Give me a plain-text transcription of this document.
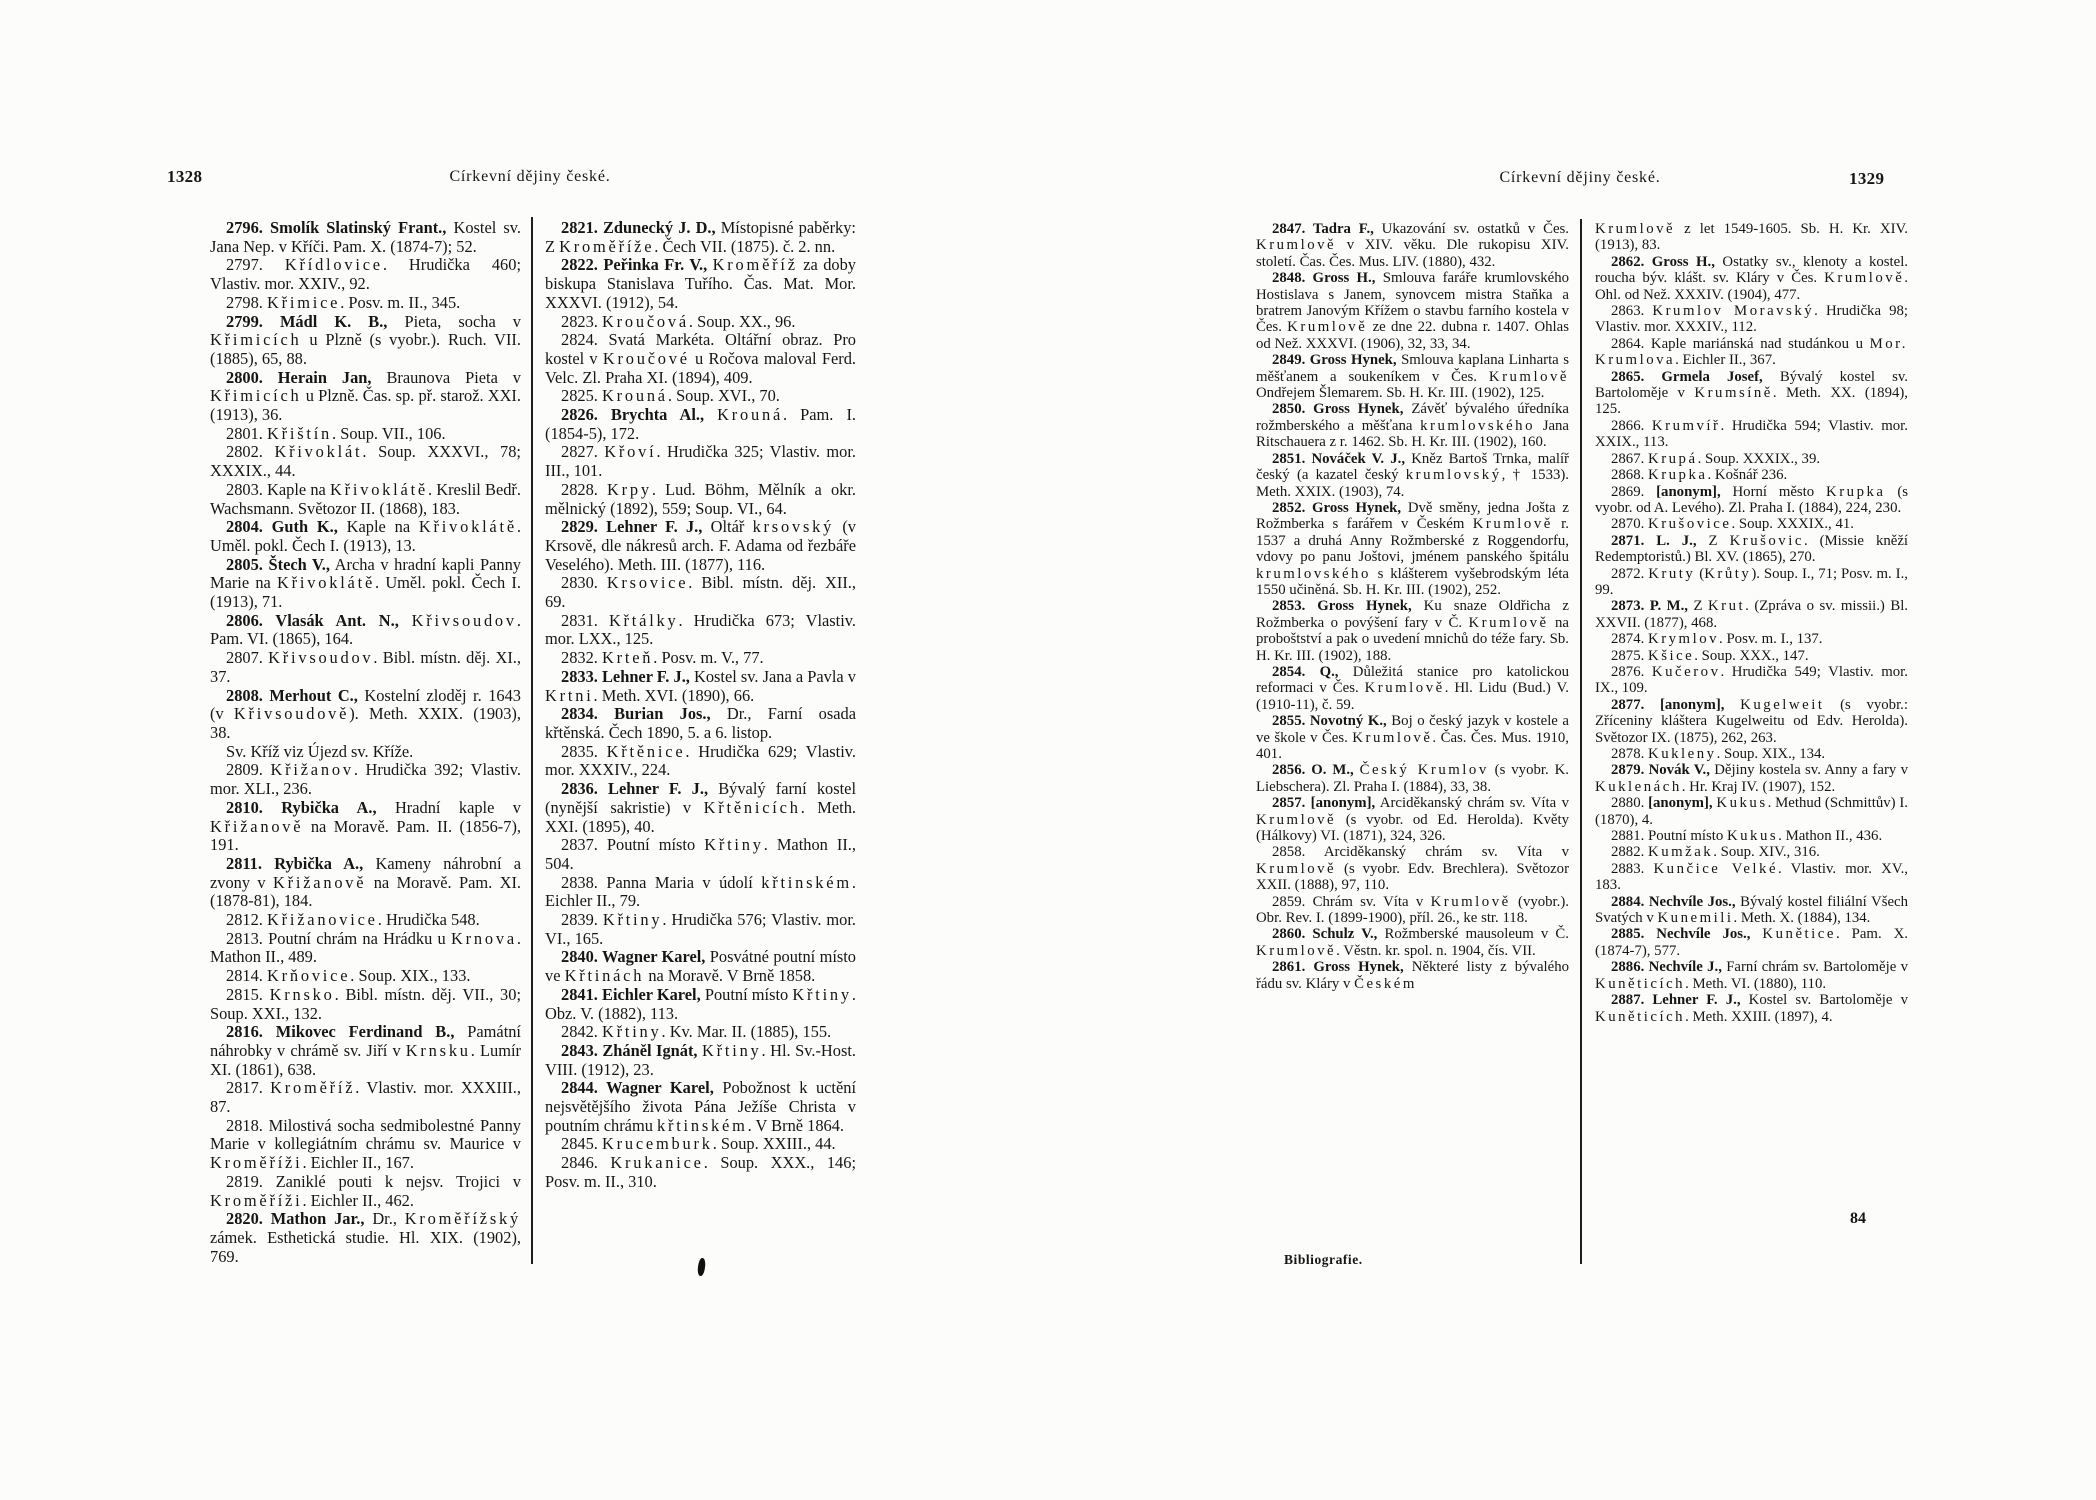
1328	Církevní dějiny české.

2796. Smolík Slatinský Frant., Kostel sv. Jana Nep. v Kříči. Pam. X. (1874-7); 52.

2797. Křídlovice. Hrudička 460; Vlastiv. mor. XXIV., 92.

2798. Křimice. Posv. m. II., 345.

2799. Mádl K. B., Pieta, socha v Křimicích u Plzně (s vyobr.). Ruch. VII. (1885), 65, 88.

2800. Herain Jan, Braunova Pieta v Křimicích u Plzně. Čas. sp. př. starož. XXI. (1913), 36.

2801. Křištín. Soup. VII., 106.

2802. Křivoklát. Soup. XXXVI., 78; XXXIX., 44.

2803. Kaple na Křivoklátě. Kreslil Bedř. Wachsmann. Světozor II. (1868), 183.

2804. Guth K., Kaple na Křivoklátě. Uměl. pokl. Čech I. (1913), 13.

2805. Štech V., Archa v hradní kapli Panny Marie na Křivoklátě. Uměl. pokl. Čech I. (1913), 71.

2806. Vlasák Ant. N., Křivsoudov. Pam. VI. (1865), 164.

2807. Křivsoudov. Bibl. místn. děj. XI., 37.

2808. Merhout C., Kostelní zloděj r. 1643 (v Křivsoudově). Meth. XXIX. (1903), 38.

Sv. Kříž viz Újezd sv. Kříže.

2809. Křižanov. Hrudička 392; Vlastiv. mor. XLI., 236.

2810. Rybička A., Hradní kaple v Křižanově na Moravě. Pam. II. (1856-7), 191.

2811. Rybička A., Kameny náhrobní a zvony v Křižanově na Moravě. Pam. XI. (1878-81), 184.

2812. Křižanovice. Hrudička 548.

2813. Poutní chrám na Hrádku u Krnova. Mathon II., 489.

2814. Krňovice. Soup. XIX., 133.

2815. Krnsko. Bibl. místn. děj. VII., 30; Soup. XXI., 132.

2816. Mikovec Ferdinand B., Památní náhrobky v chrámě sv. Jiří v Krnsku. Lumír XI. (1861), 638.

2817. Kroměříž. Vlastiv. mor. XXXIII., 87.

2818. Milostivá socha sedmibolestné Panny Marie v kollegiátním chrámu sv. Maurice v Kroměříži. Eichler II., 167.

2819. Zaniklé pouti k nejsv. Trojici v Kroměříži. Eichler II., 462.

2820. Mathon Jar., Dr., Kroměřížský zámek. Esthetická studie. Hl. XIX. (1902), 769.

2821. Zdunecký J. D., Místopisné paběrky: Z Kroměříže. Čech VII. (1875). č. 2. nn.

2822. Peřinka Fr. V., Kroměříž za doby biskupa Stanislava Tuřího. Čas. Mat. Mor. XXXVI. (1912), 54.

2823. Kroučová. Soup. XX., 96.

2824. Svatá Markéta. Oltářní obraz. Pro kostel v Kroučové u Ročova maloval Ferd. Velc. Zl. Praha XI. (1894), 409.

2825. Krouná. Soup. XVI., 70.

2826. Brychta Al., Krouná. Pam. I. (1854-5), 172.

2827. Křoví. Hrudička 325; Vlastiv. mor. III., 101.

2828. Krpy. Lud. Böhm, Mělník a okr. mělnický (1892), 559; Soup. VI., 64.

2829. Lehner F. J., Oltář krsovský (v Krsově, dle nákresů arch. F. Adama od řezbáře Veselého). Meth. III. (1877), 116.

2830. Krsovice. Bibl. místn. děj. XII., 69.

2831. Křtálky. Hrudička 673; Vlastiv. mor. LXX., 125.

2832. Krteň. Posv. m. V., 77.

2833. Lehner F. J., Kostel sv. Jana a Pavla v Krtni. Meth. XVI. (1890), 66.

2834. Burian Jos., Dr., Farní osada křtěnská. Čech 1890, 5. a 6. listop.

2835. Křtěnice. Hrudička 629; Vlastiv. mor. XXXIV., 224.

2836. Lehner F. J., Bývalý farní kostel (nynější sakristie) v Křtěnicích. Meth. XXI. (1895), 40.

2837. Poutní místo Křtiny. Mathon II., 504.

2838. Panna Maria v údolí křtinském. Eichler II., 79.

2839. Křtiny. Hrudička 576; Vlastiv. mor. VI., 165.

2840. Wagner Karel, Posvátné poutní místo ve Křtinách na Moravě. V Brně 1858.

2841. Eichler Karel, Poutní místo Křtiny. Obz. V. (1882), 113.

2842. Křtiny. Kv. Mar. II. (1885), 155.

2843. Zháněl Ignát, Křtiny. Hl. Sv.-Host. VIII. (1912), 23.

2844. Wagner Karel, Pobožnost k uctění nejsvětějšího života Pána Ježíše Christa v poutním chrámu křtinském. V Brně 1864.

2845. Krucemburk. Soup. XXIII., 44.

2846. Krukanice. Soup. XXX., 146; Posv. m. II., 310.

Církevní dějiny české.	1329

2847. Tadra F., Ukazování sv. ostatků v Čes. Krumlově v XIV. věku. Dle rukopisu XIV. století. Čas. Čes. Mus. LIV. (1880), 432.

2848. Gross H., Smlouva faráře krumlovského Hostislava s Janem, synovcem mistra Staňka a bratrem Janovým Křížem o stavbu farního kostela v Čes. Krumlově ze dne 22. dubna r. 1407. Ohlas od Než. XXXVI. (1906), 32, 33, 34.

2849. Gross Hynek, Smlouva kaplana Linharta s měšťanem a soukeníkem v Čes. Krumlově Ondřejem Šlemarem. Sb. H. Kr. III. (1902), 125.

2850. Gross Hynek, Závěť bývalého úředníka rožmberského a měšťana krumlovského Jana Ritschauera z r. 1462. Sb. H. Kr. III. (1902), 160.

2851. Nováček V. J., Kněz Bartoš Trnka, malíř český (a kazatel český krumlovský, † 1533). Meth. XXIX. (1903), 74.

2852. Gross Hynek, Dvě směny, jedna Jošta z Rožmberka s farářem v Českém Krumlově r. 1537 a druhá Anny Rožmberské z Roggendorfu, vdovy po panu Joštovi, jménem panského špitálu krumlovského s klášterem vyšebrodským léta 1550 učiněná. Sb. H. Kr. III. (1902), 252.

2853. Gross Hynek, Ku snaze Oldřicha z Rožmberka o povýšení fary v Č. Krumlově na proboštství a pak o uvedení mnichů do téže fary. Sb. H. Kr. III. (1902), 188.

2854. Q., Důležitá stanice pro katolickou reformaci v Čes. Krumlově. Hl. Lidu (Bud.) V. (1910-11), č. 59.

2855. Novotný K., Boj o český jazyk v kostele a ve škole v Čes. Krumlově. Čas. Čes. Mus. 1910, 401.

2856. O. M., Český Krumlov (s vyobr. K. Liebschera). Zl. Praha I. (1884), 33, 38.

2857. [anonym], Arciděkanský chrám sv. Víta v Krumlově (s vyobr. od Ed. Herolda). Květy (Hálkovy) VI. (1871), 324, 326.

2858. Arciděkanský chrám sv. Víta v Krumlově (s vyobr. Edv. Brechlera). Světozor XXII. (1888), 97, 110.

2859. Chrám sv. Víta v Krumlově (vyobr.). Obr. Rev. I. (1899-1900), příl. 26., ke str. 118.

2860. Schulz V., Rožmberské mausoleum v Č. Krumlově. Věstn. kr. spol. n. 1904, čís. VII.

2861. Gross Hynek, Některé listy z bývalého řádu sv. Kláry v Českém

Krumlově z let 1549-1605. Sb. H. Kr. XIV. (1913), 83.

2862. Gross H., Ostatky sv., klenoty a kostel. roucha býv. klášt. sv. Kláry v Čes. Krumlově. Ohl. od Než. XXXIV. (1904), 477.

2863. Krumlov Moravský. Hrudička 98; Vlastiv. mor. XXXIV., 112.

2864. Kaple mariánská nad studánkou u Mor. Krumlova. Eichler II., 367.

2865. Grmela Josef, Bývalý kostel sv. Bartoloměje v Krumsíně. Meth. XX. (1894), 125.

2866. Krumvíř. Hrudička 594; Vlastiv. mor. XXIX., 113.

2867. Krupá. Soup. XXXIX., 39.

2868. Krupka. Košnář 236.

2869. [anonym], Horní město Krupka (s vyobr. od A. Levého). Zl. Praha I. (1884), 224, 230.

2870. Krušovice. Soup. XXXIX., 41.

2871. L. J., Z Krušovic. (Missie kněží Redemptoristů.) Bl. XV. (1865), 270.

2872. Kruty (Krůty). Soup. I., 71; Posv. m. I., 99.

2873. P. M., Z Krut. (Zpráva o sv. missii.) Bl. XXVII. (1877), 468.

2874. Krymlov. Posv. m. I., 137.

2875. Kšice. Soup. XXX., 147.

2876. Kučerov. Hrudička 549; Vlastiv. mor. IX., 109.

2877. [anonym], Kugelweit (s vyobr.: Zříceniny kláštera Kugelweitu od Edv. Herolda). Světozor IX. (1875), 262, 263.

2878. Kukleny. Soup. XIX., 134.

2879. Novák V., Dějiny kostela sv. Anny a fary v Kuklenách. Hr. Kraj IV. (1907), 152.

2880. [anonym], Kukus. Methud (Schmittův) I. (1870), 4.

2881. Poutní místo Kukus. Mathon II., 436.

2882. Kumžak. Soup. XIV., 316.

2883. Kunčice Velké. Vlastiv. mor. XV., 183.

2884. Nechvíle Jos., Bývalý kostel filiální Všech Svatých v Kunemili. Meth. X. (1884), 134.

2885. Nechvíle Jos., Kunětice. Pam. X. (1874-7), 577.

2886. Nechvíle J., Farní chrám sv. Bartoloměje v Kuněticích. Meth. VI. (1880), 110.

2887. Lehner F. J., Kostel sv. Bartoloměje v Kuněticích. Meth. XXIII. (1897), 4.

Bibliografie.
84
